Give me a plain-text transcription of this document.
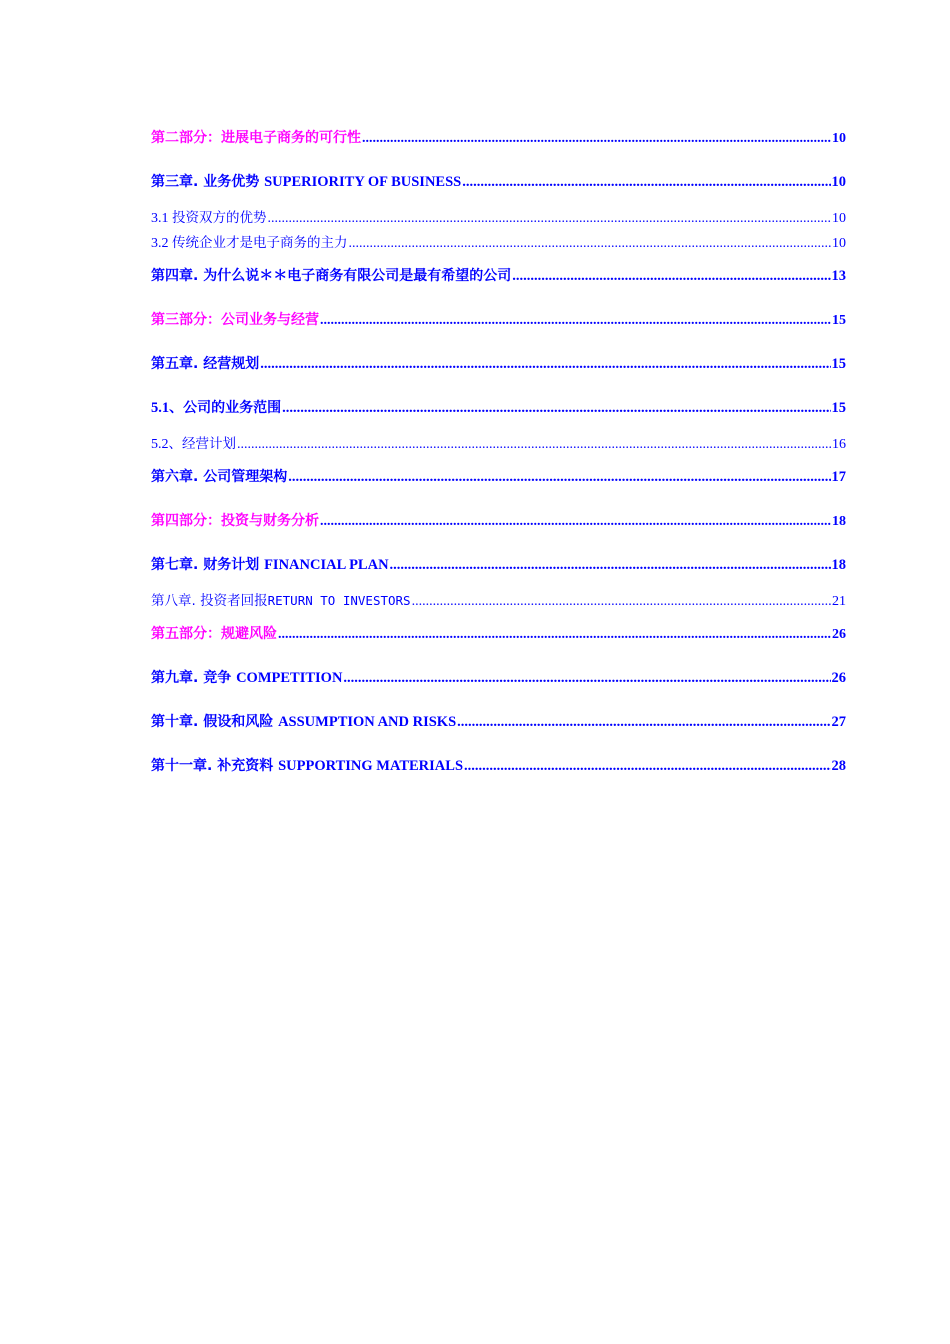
第二部分：进展电子商务的可行性 .....	10
第三章. 业务优势 SUPERIORITY OF BUSINESS .....	10
3.1 投资双方的优势 .....	10
3.2 传统企业才是电子商务的主力 .....	10
第四章. 为什么说＊＊电子商务有限公司是最有希望的公司 .....	13
第三部分：公司业务与经营 .....	15
第五章. 经营规划 .....	15
5.1、公司的业务范围 .....	15
5.2、经营计划 .....	16
第六章. 公司管理架构 .....	17
第四部分：投资与财务分析 .....	18
第七章. 财务计划 FINANCIAL PLAN .....	18
第八章. 投资者回报RETURN TO INVESTORS .....	21
第五部分：规避风险 .....	26
第九章. 竞争 COMPETITION .....	26
第十章. 假设和风险 ASSUMPTION AND RISKS .....	27
第十一章. 补充资料 SUPPORTING MATERIALS .....	28
